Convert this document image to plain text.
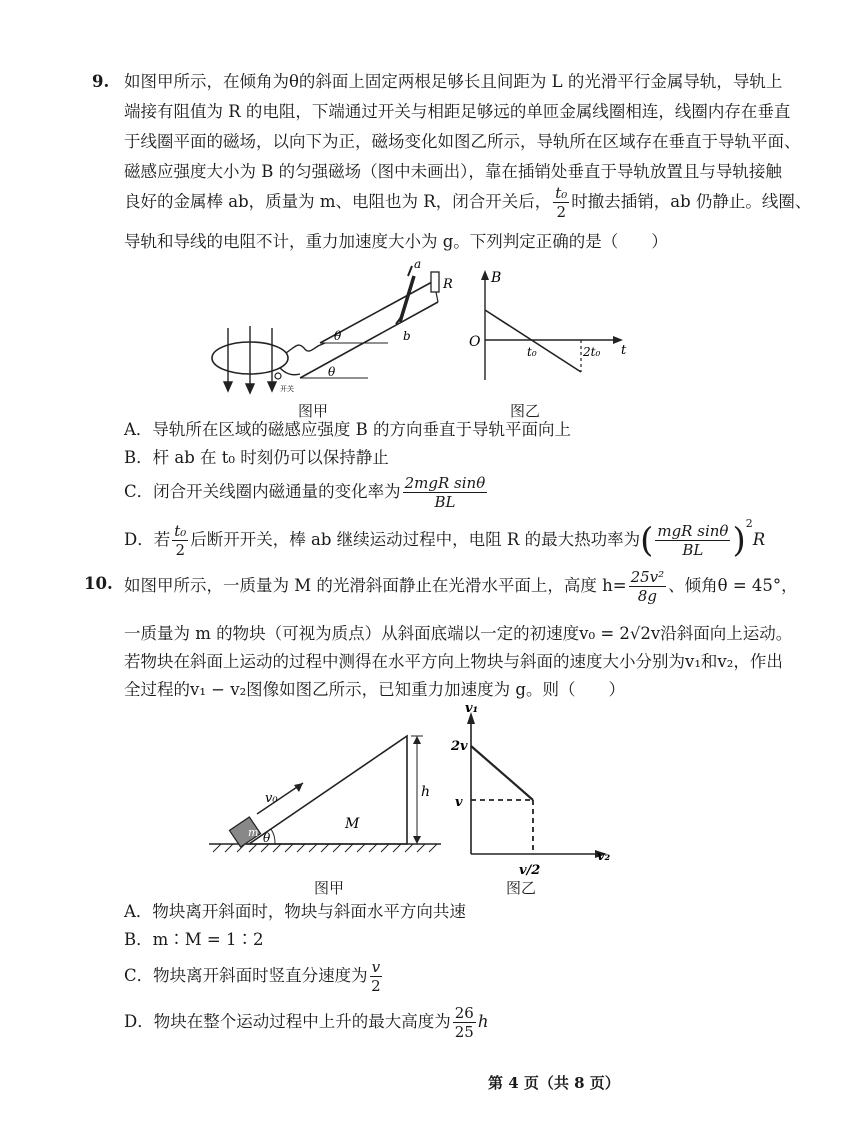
9. 如图甲所示，在倾角为θ的斜面上固定两根足够长且间距为 L 的光滑平行金属导轨，导轨上
端接有阻值为 R 的电阻，下端通过开关与相距足够远的单匝金属线圈相连，线圈内存在垂直
于线圈平面的磁场，以向下为正，磁场变化如图乙所示，导轨所在区域存在垂直于导轨平面、
磁感应强度大小为 B 的匀强磁场（图中未画出），靠在插销处垂直于导轨放置且与导轨接触
良好的金属棒 ab，质量为 m、电阻也为 R，闭合开关后， $\frac{\text{t₀}}{2}$ 时撤去插销，ab 仍静止。线圈、
导轨和导线的电阻不计，重力加速度大小为 g。下列判定正确的是（　　）
开关
θ
θ
a
b
R
图甲
B
O
t₀	2t₀ t
图乙
A．导轨所在区域的磁感应强度 B 的方向垂直于导轨平面向上
B．杆 ab 在 t₀ 时刻仍可以保持静止
C．闭合开关线圈内磁通量的变化率为 $\frac{\text{2mgR sinθ}}{BL}$
D．若 $\frac{\text{t₀}}{2}$ 后断开开关，棒 ab 继续运动过程中，电阻 R 的最大热功率为( $\frac{\text{mgR sinθ}}{BL} )^2R$
10. 如图甲所示，一质量为 M 的光滑斜面静止在光滑水平面上，高度 $h= \frac{\text{25v²}}{8g}$ 、倾角θ = 45°，
一质量为 m 的物块（可视为质点）从斜面底端以一定的初速度v₀ = 2√2v沿斜面向上运动。
若物块在斜面上运动的过程中测得在水平方向上物块与斜面的速度大小分别为v₁和v₂，作出
全过程的v₁ − v₂图像如图乙所示，已知重力加速度为 g。则（　　）
m
v₀
θ
M
h
图甲
v₁
v₂
2v
v
v/2
图乙
A．物块离开斜面时，物块与斜面水平方向共速
B．m∶M = 1∶2
C．物块离开斜面时竖直分速度为 $\frac{v}{2}$
D．物块在整个运动过程中上升的最大高度为 $\frac{26}{25}$ h
第 4 页（共 8 页）
